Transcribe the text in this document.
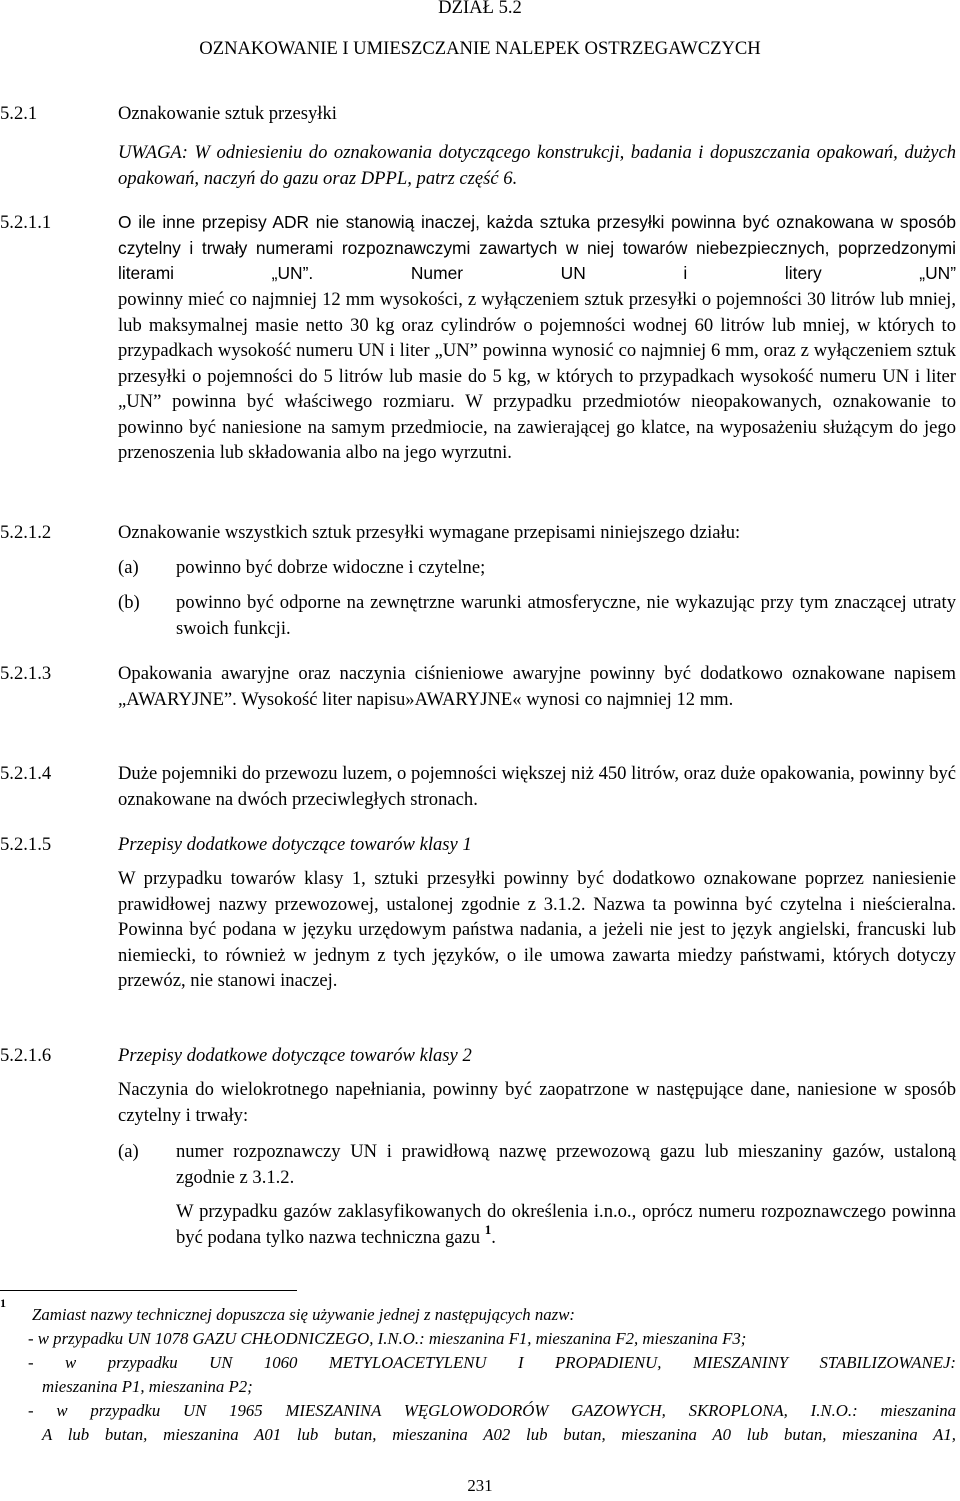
DZIAŁ 5.2
OZNAKOWANIE I UMIESZCZANIE NALEPEK OSTRZEGAWCZYCH
5.2.1	Oznakowanie sztuk przesyłki
UWAGA: W odniesieniu do oznakowania dotyczącego konstrukcji, badania i dopuszczania opakowań, dużych opakowań, naczyń do gazu oraz DPPL, patrz część 6.
5.2.1.1	O ile inne przepisy ADR nie stanowią inaczej, każda sztuka przesyłki powinna być oznakowana w sposób czytelny i trwały numerami rozpoznawczymi zawartych w niej towarów niebezpiecznych, poprzedzonymi literami „UN”. Numer UN i litery „UN”
powinny mieć co najmniej 12 mm wysokości, z wyłączeniem sztuk przesyłki o pojemności 30 litrów lub mniej, lub maksymalnej masie netto 30 kg oraz cylindrów o pojemności wodnej 60 litrów lub mniej, w których to przypadkach wysokość numeru UN i liter „UN” powinna wynosić co najmniej 6 mm, oraz z wyłączeniem sztuk przesyłki o pojemności do 5 litrów lub masie do 5 kg, w których to przypadkach wysokość numeru UN i liter „UN” powinna być właściwego rozmiaru. W przypadku przedmiotów nieopakowanych, oznakowanie to powinno być naniesione na samym przedmiocie, na zawierającej go klatce, na wyposażeniu służącym do jego przenoszenia lub składowania albo na jego wyrzutni.
5.2.1.2	Oznakowanie wszystkich sztuk przesyłki wymagane przepisami niniejszego działu:
(a) powinno być dobrze widoczne i czytelne;
(b) powinno być odporne na zewnętrzne warunki atmosferyczne, nie wykazując przy tym znaczącej utraty swoich funkcji.
5.2.1.3	Opakowania awaryjne oraz naczynia ciśnieniowe awaryjne powinny być dodatkowo oznakowane napisem „AWARYJNE”. Wysokość liter napisu»AWARYJNE« wynosi co najmniej 12 mm.
5.2.1.4	Duże pojemniki do przewozu luzem, o pojemności większej niż 450 litrów, oraz duże opakowania, powinny być oznakowane na dwóch przeciwległych stronach.
5.2.1.5	Przepisy dodatkowe dotyczące towarów klasy 1
W przypadku towarów klasy 1, sztuki przesyłki powinny być dodatkowo oznakowane poprzez naniesienie prawidłowej nazwy przewozowej, ustalonej zgodnie z 3.1.2. Nazwa ta powinna być czytelna i nieścieralna. Powinna być podana w języku urzędowym państwa nadania, a jeżeli nie jest to język angielski, francuski lub niemiecki, to również w jednym z tych języków, o ile umowa zawarta miedzy państwami, których dotyczy przewóz, nie stanowi inaczej.
5.2.1.6	Przepisy dodatkowe dotyczące towarów klasy 2
Naczynia do wielokrotnego napełniania, powinny być zaopatrzone w następujące dane, naniesione w sposób czytelny i trwały:
(a) numer rozpoznawczy UN i prawidłową nazwę przewozową gazu lub mieszaniny gazów, ustaloną zgodnie z 3.1.2.
W przypadku gazów zaklasyfikowanych do określenia i.n.o., oprócz numeru rozpoznawczego powinna być podana tylko nazwa techniczna gazu $^1$.
1
Zamiast nazwy technicznej dopuszcza się używanie jednej z następujących nazw:
- w przypadku UN 1078 GAZU CHŁODNICZEGO, I.N.O.: mieszanina F1, mieszanina F2, mieszanina F3;
- w przypadku UN 1060 METYLOACETYLENU I PROPADIENU, MIESZANINY STABILIZOWANEJ:
mieszanina P1, mieszanina P2;
- w przypadku UN 1965 MIESZANINA WĘGLOWODORÓW GAZOWYCH, SKROPLONA, I.N.O.: mieszanina
A lub butan, mieszanina A01 lub butan, mieszanina A02 lub butan, mieszanina A0 lub butan, mieszanina A1,
231
